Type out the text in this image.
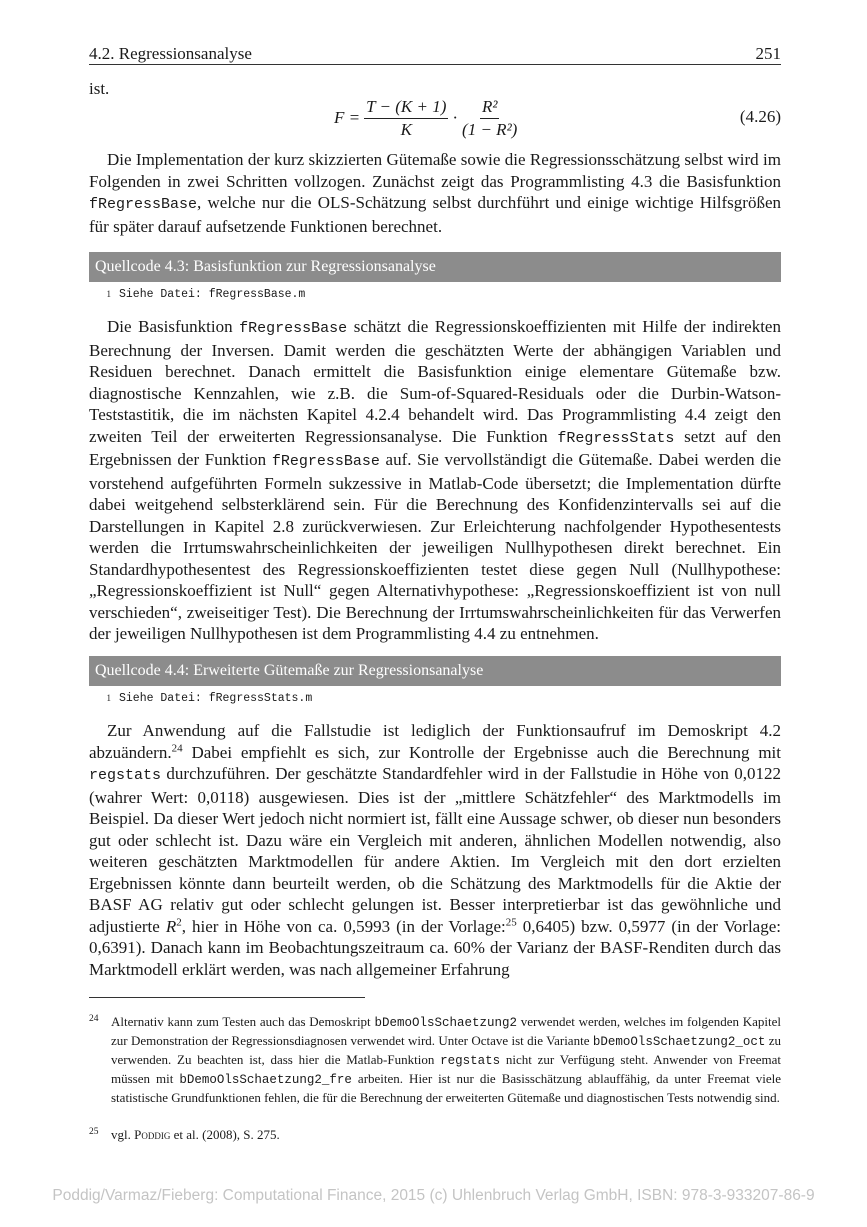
4.2. Regressionsanalyse	251
ist.
$F = \frac{T - (K + 1)}{K} \cdot \frac{\text{R²}}{\text{(1 − R²)}}$	(4.26)

Die Implementation der kurz skizzierten Gütemaße sowie die Regressionsschätzung selbst wird im Folgenden in zwei Schritten vollzogen. Zunächst zeigt das Programmlisting 4.3 die Basisfunktion fRegressBase, welche nur die OLS-Schätzung selbst durchführt und einige wichtige Hilfsgrößen für später darauf aufsetzende Funktionen berechnet.

Quellcode 4.3: Basisfunktion zur Regressionsanalyse
1 Siehe Datei: fRegressBase.m

Die Basisfunktion fRegressBase schätzt die Regressionskoeffizienten mit Hilfe der indirekten Berechnung der Inversen. Damit werden die geschätzten Werte der abhängigen Variablen und Residuen berechnet. Danach ermittelt die Basisfunktion einige elementare Gütemaße bzw. diagnostische Kennzahlen, wie z.B. die Sum-of-Squared-Residuals oder die Durbin-Watson-Teststastitik, die im nächsten Kapitel 4.2.4 behandelt wird. Das Programmlisting 4.4 zeigt den zweiten Teil der erweiterten Regressionsanalyse. Die Funktion fRegressStats setzt auf den Ergebnissen der Funktion fRegressBase auf. Sie vervollständigt die Gütemaße. Dabei werden die vorstehend aufgeführten Formeln sukzessive in Matlab-Code übersetzt; die Implementation dürfte dabei weitgehend selbsterklärend sein. Für die Berechnung des Konfidenzintervalls sei auf die Darstellungen in Kapitel 2.8 zurückverwiesen. Zur Erleichterung nachfolgender Hypothesentests werden die Irrtumswahrscheinlichkeiten der jeweiligen Nullhypothesen direkt berechnet. Ein Standardhypothesentest des Regressionskoeffizienten testet diese gegen Null (Nullhypothese: „Regressionskoeffizient ist Null“ gegen Alternativhypothese: „Regressionskoeffizient ist von null verschieden“, zweiseitiger Test). Die Berechnung der Irrtumswahrscheinlichkeiten für das Verwerfen der jeweiligen Nullhypothesen ist dem Programmlisting 4.4 zu entnehmen.

Quellcode 4.4: Erweiterte Gütemaße zur Regressionsanalyse
1 Siehe Datei: fRegressStats.m

Zur Anwendung auf die Fallstudie ist lediglich der Funktionsaufruf im Demoskript 4.2 abzuändern.$^{24}$ Dabei empfiehlt es sich, zur Kontrolle der Ergebnisse auch die Berechnung mit regstats durchzuführen. Der geschätzte Standardfehler wird in der Fallstudie in Höhe von 0,0122 (wahrer Wert: 0,0118) ausgewiesen. Dies ist der „mittlere Schätzfehler“ des Marktmodells im Beispiel. Da dieser Wert jedoch nicht normiert ist, fällt eine Aussage schwer, ob dieser nun besonders gut oder schlecht ist. Dazu wäre ein Vergleich mit anderen, ähnlichen Modellen notwendig, also weiteren geschätzten Marktmodellen für andere Aktien. Im Vergleich mit den dort erzielten Ergebnissen könnte dann beurteilt werden, ob die Schätzung des Marktmodells für die Aktie der BASF AG relativ gut oder schlecht gelungen ist. Besser interpretierbar ist das gewöhnliche und adjustierte $R^2$, hier in Höhe von ca. 0,5993 (in der Vorlage:$^{25}$ 0,6405) bzw. 0,5977 (in der Vorlage: 0,6391). Danach kann im Beobachtungszeitraum ca. 60% der Varianz der BASF-Renditen durch das Marktmodell erklärt werden, was nach allgemeiner Erfahrung

24 Alternativ kann zum Testen auch das Demoskript bDemoOlsSchaetzung2 verwendet werden, welches im folgenden Kapitel zur Demonstration der Regressionsdiagnosen verwendet wird. Unter Octave ist die Variante bDemoOlsSchaetzung2_oct zu verwenden. Zu beachten ist, dass hier die Matlab-Funktion regstats nicht zur Verfügung steht. Anwender von Freemat müssen mit bDemoOlsSchaetzung2_fre arbeiten. Hier ist nur die Basisschätzung ablauffähig, da unter Freemat viele statistische Grundfunktionen fehlen, die für die Berechnung der erweiterten Gütemaße und diagnostischen Tests notwendig sind.
25 vgl. Poddig et al. (2008), S. 275.
Poddig/Varmaz/Fieberg: Computational Finance, 2015 (c) Uhlenbruch Verlag GmbH, ISBN: 978-3-933207-86-9
